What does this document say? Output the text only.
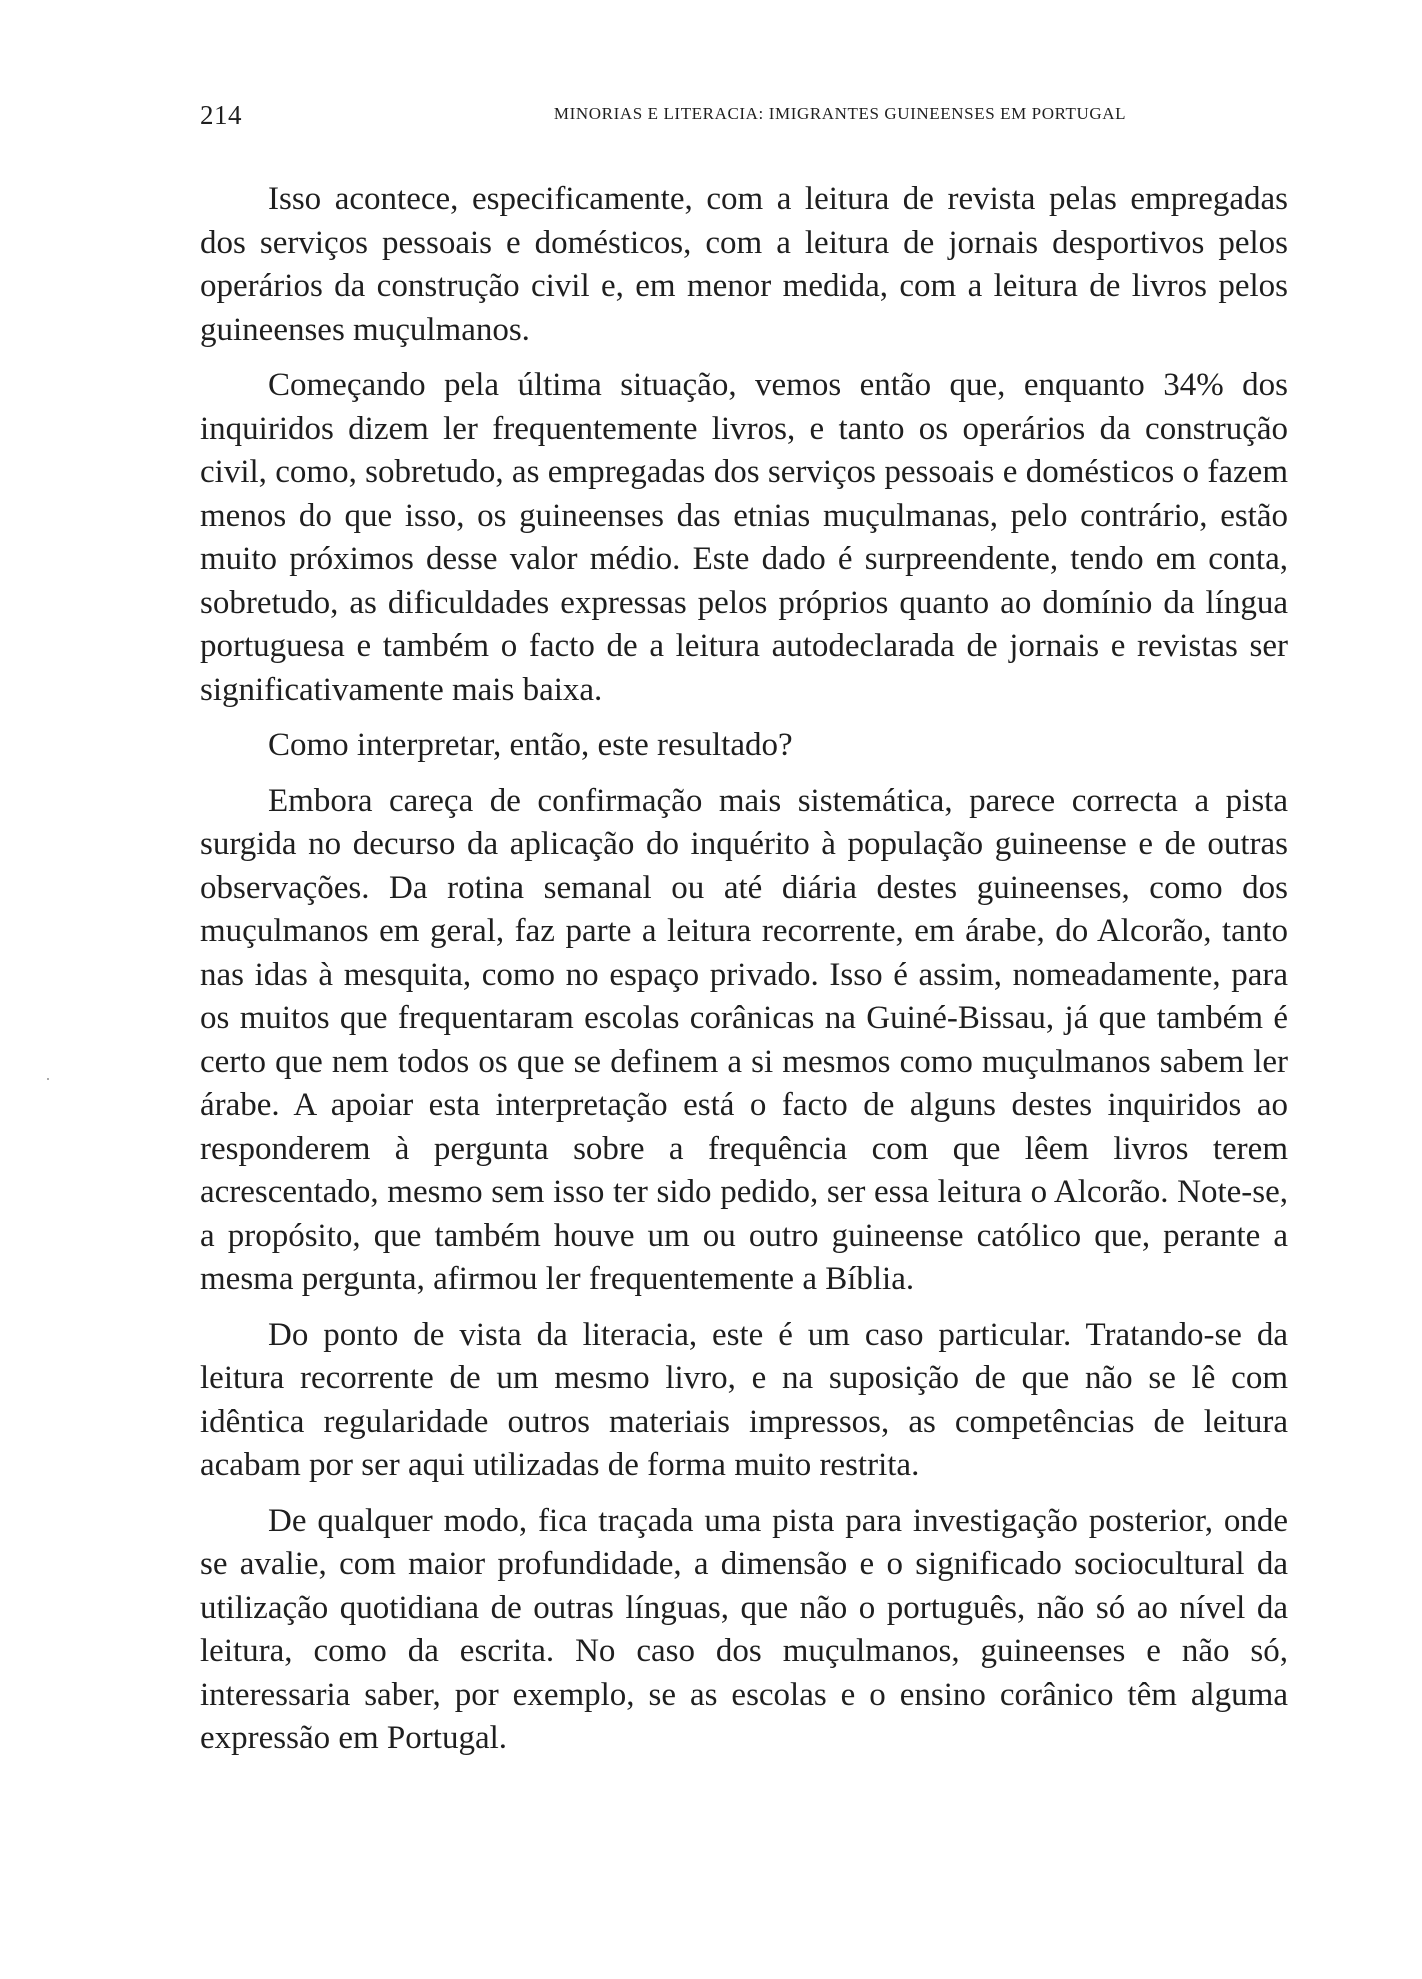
214	MINORIAS E LITERACIA: IMIGRANTES GUINEENSES EM PORTUGAL

Isso acontece, especificamente, com a leitura de revista pelas empregadas dos serviços pessoais e domésticos, com a leitura de jornais desportivos pelos operários da construção civil e, em menor medida, com a leitura de livros pelos guineenses muçulmanos.

Começando pela última situação, vemos então que, enquanto 34% dos inquiridos dizem ler frequentemente livros, e tanto os operários da construção civil, como, sobretudo, as empregadas dos serviços pessoais e domésticos o fazem menos do que isso, os guineenses das etnias muçulmanas, pelo contrário, estão muito próximos desse valor médio. Este dado é surpreendente, tendo em conta, sobretudo, as dificuldades expressas pelos próprios quanto ao domínio da língua portuguesa e também o facto de a leitura autodeclarada de jornais e revistas ser significativamente mais baixa.

Como interpretar, então, este resultado?

Embora careça de confirmação mais sistemática, parece correcta a pista surgida no decurso da aplicação do inquérito à população guineense e de outras observações. Da rotina semanal ou até diária destes guineenses, como dos muçulmanos em geral, faz parte a leitura recorrente, em árabe, do Alcorão, tanto nas idas à mesquita, como no espaço privado. Isso é assim, nomeadamente, para os muitos que frequentaram escolas corânicas na Guiné-Bissau, já que também é certo que nem todos os que se definem a si mesmos como muçulmanos sabem ler árabe. A apoiar esta interpretação está o facto de alguns destes inquiridos ao responderem à pergunta sobre a frequência com que lêem livros terem acrescentado, mesmo sem isso ter sido pedido, ser essa leitura o Alcorão. Note-se, a propósito, que também houve um ou outro guineense católico que, perante a mesma pergunta, afirmou ler frequentemente a Bíblia.

Do ponto de vista da literacia, este é um caso particular. Tratando-se da leitura recorrente de um mesmo livro, e na suposição de que não se lê com idêntica regularidade outros materiais impressos, as competências de leitura acabam por ser aqui utilizadas de forma muito restrita.

De qualquer modo, fica traçada uma pista para investigação posterior, onde se avalie, com maior profundidade, a dimensão e o significado sociocultural da utilização quotidiana de outras línguas, que não o português, não só ao nível da leitura, como da escrita. No caso dos muçulmanos, guineenses e não só, interessaria saber, por exemplo, se as escolas e o ensino corânico têm alguma expressão em Portugal.
